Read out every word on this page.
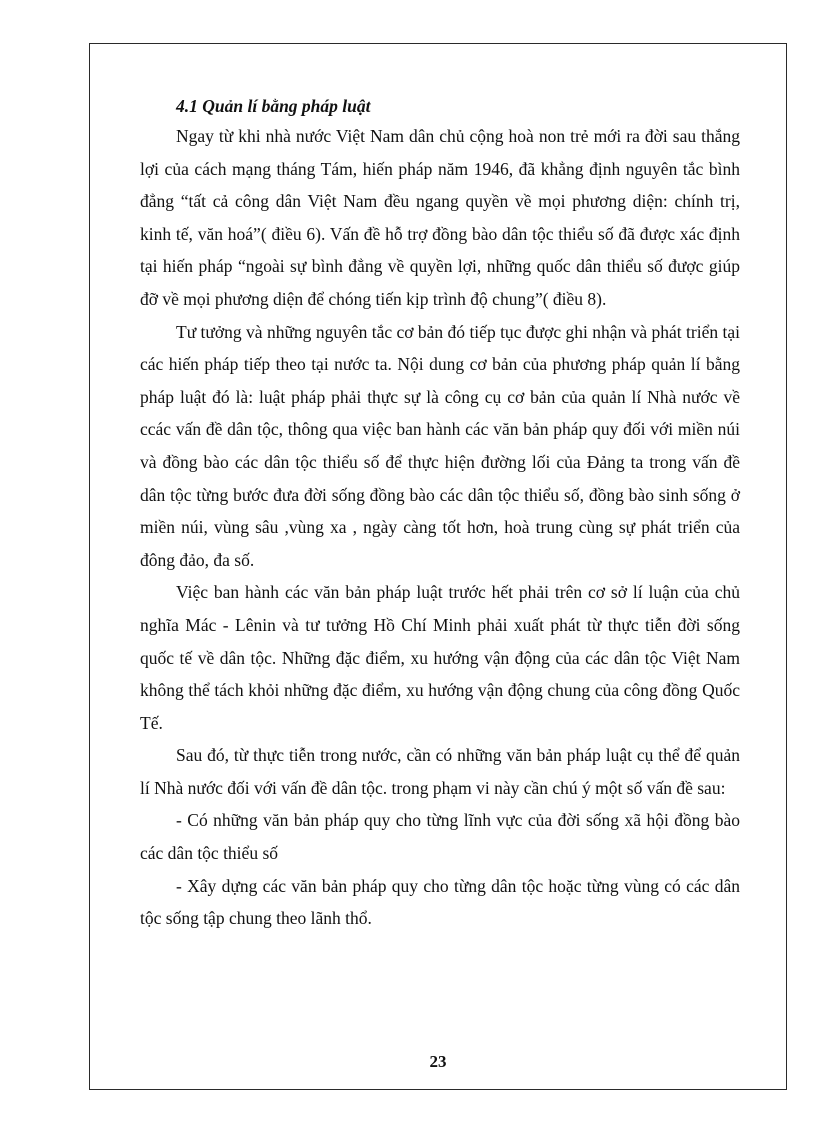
4.1 Quản lí bằng pháp luật

Ngay từ khi nhà nước Việt Nam dân chủ cộng hoà non trẻ mới ra đời sau thắng lợi của cách mạng tháng Tám, hiến pháp năm 1946, đã khẳng định nguyên tắc bình đẳng “tất cả công dân Việt Nam đều ngang quyền về mọi phương diện: chính trị, kinh tế, văn hoá”( điều 6). Vấn đề hỗ trợ đồng bào dân tộc thiểu số đã được xác định tại hiến pháp “ngoài sự bình đẳng về quyền lợi, những quốc dân thiểu số được giúp đỡ về mọi phương diện để chóng tiến kịp trình độ chung”( điều 8).

Tư tưởng và những nguyên tắc cơ bản đó tiếp tục được ghi nhận và phát triển tại các hiến pháp tiếp theo tại nước ta. Nội dung cơ bản của phương pháp quản lí bằng pháp luật đó là: luật pháp phải thực sự là công cụ cơ bản của quản lí Nhà nước về ccác vấn đề dân tộc, thông qua việc ban hành các văn bản pháp quy đối với miền núi và đồng bào các dân tộc thiểu số để thực hiện đường lối của Đảng ta trong vấn đề dân tộc từng bước đưa đời sống đồng bào các dân tộc thiểu số, đồng bào sinh sống ở miền núi, vùng sâu ,vùng xa , ngày càng tốt hơn, hoà trung cùng sự phát triển của đông đảo, đa số.

Việc ban hành các văn bản pháp luật trước hết phải trên cơ sở lí luận của chủ nghĩa Mác - Lênin và tư tưởng Hồ Chí Minh phải xuất phát từ thực tiễn đời sống quốc tế về dân tộc. Những đặc điểm, xu hướng vận động của các dân tộc Việt Nam không thể tách khỏi những đặc điểm, xu hướng vận động chung của công đồng Quốc Tế.

Sau đó, từ thực tiễn trong nước, cần có những văn bản pháp luật cụ thể để quản lí Nhà nước đối với vấn đề dân tộc. trong phạm vi này cần chú ý một số vấn đề sau:

- Có những văn bản pháp quy cho từng lĩnh vực của đời sống xã hội đồng bào các dân tộc thiểu số

- Xây dựng các văn bản pháp quy cho từng dân tộc hoặc từng vùng có các dân tộc sống tập chung theo lãnh thổ.

23
